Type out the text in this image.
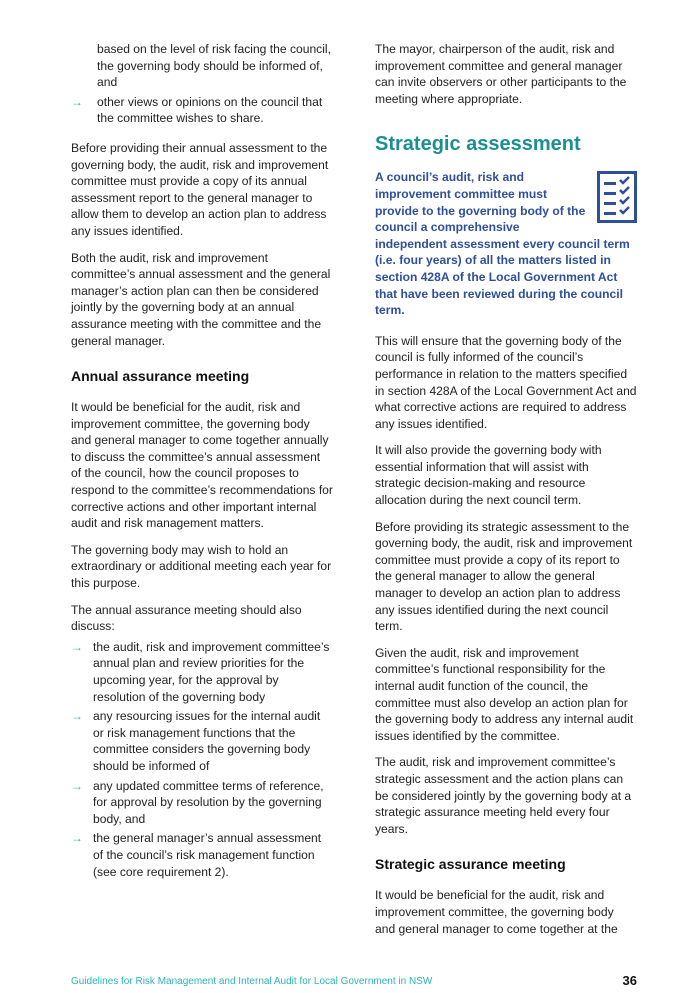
based on the level of risk facing the council, the governing body should be informed of, and
→ other views or opinions on the council that the committee wishes to share.

Before providing their annual assessment to the governing body, the audit, risk and improvement committee must provide a copy of its annual assessment report to the general manager to allow them to develop an action plan to address any issues identified.

Both the audit, risk and improvement committee’s annual assessment and the general manager’s action plan can then be considered jointly by the governing body at an annual assurance meeting with the committee and the general manager.

Annual assurance meeting

It would be beneficial for the audit, risk and improvement committee, the governing body and general manager to come together annually to discuss the committee’s annual assessment of the council, how the council proposes to respond to the committee’s recommendations for corrective actions and other important internal audit and risk management matters.

The governing body may wish to hold an extraordinary or additional meeting each year for this purpose.

The annual assurance meeting should also discuss:

→ the audit, risk and improvement committee’s annual plan and review priorities for the upcoming year, for the approval by resolution of the governing body
→ any resourcing issues for the internal audit or risk management functions that the committee considers the governing body should be informed of
→ any updated committee terms of reference, for approval by resolution by the governing body, and
→ the general manager’s annual assessment of the council’s risk management function (see core requirement 2).

The mayor, chairperson of the audit, risk and improvement committee and general manager can invite observers or other participants to the meeting where appropriate.

Strategic assessment

A council’s audit, risk and improvement committee must provide to the governing body of the council a comprehensive independent assessment every council term (i.e. four years) of all the matters listed in section 428A of the Local Government Act that have been reviewed during the council term.

This will ensure that the governing body of the council is fully informed of the council’s performance in relation to the matters specified in section 428A of the Local Government Act and what corrective actions are required to address any issues identified.

It will also provide the governing body with essential information that will assist with strategic decision-making and resource allocation during the next council term.

Before providing its strategic assessment to the governing body, the audit, risk and improvement committee must provide a copy of its report to the general manager to allow the general manager to develop an action plan to address any issues identified during the next council term.

Given the audit, risk and improvement committee’s functional responsibility for the internal audit function of the council, the committee must also develop an action plan for the governing body to address any internal audit issues identified by the committee.

The audit, risk and improvement committee’s strategic assessment and the action plans can be considered jointly by the governing body at a strategic assurance meeting held every four years.

Strategic assurance meeting

It would be beneficial for the audit, risk and improvement committee, the governing body and general manager to come together at the

Guidelines for Risk Management and Internal Audit for Local Government in NSW	36
